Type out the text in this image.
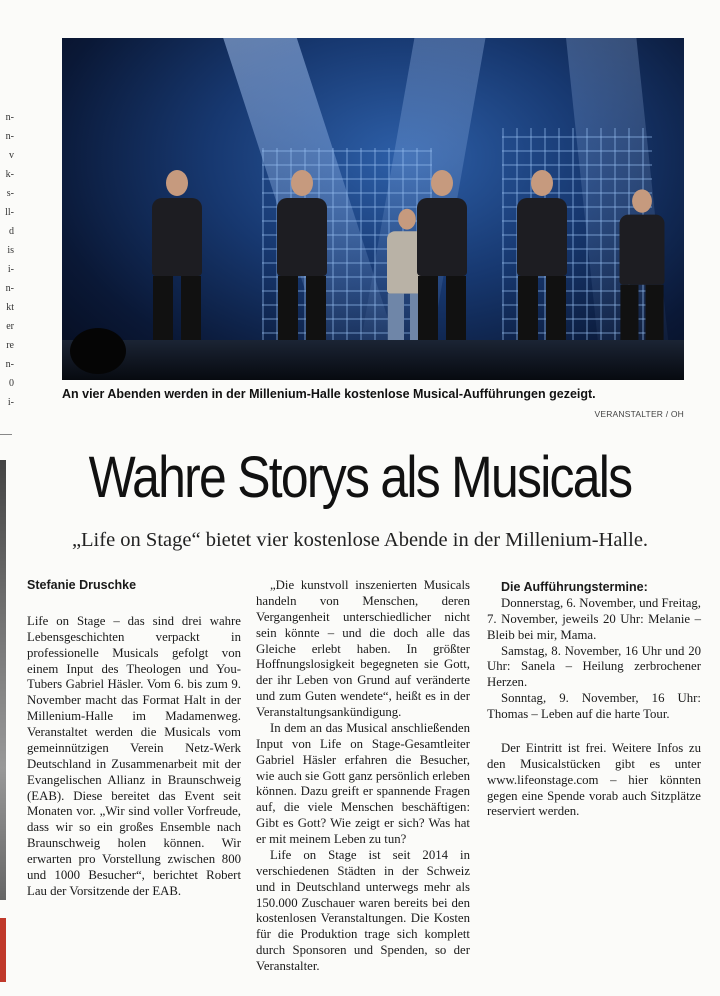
n-
n-
v
k-
s-
ll-
d
is
i-
n-
kt
er
re
n-
0
i-
An vier Abenden werden in der Millenium-Halle kostenlose Musical-Aufführungen gezeigt.
VERANSTALTER / OH
Wahre Storys als Musicals
„Life on Stage“ bietet vier kostenlose Abende in der Millenium-Halle.

Stefanie Druschke

Life on Stage – das sind drei wahre Lebensgeschichten verpackt in professionelle Musicals gefolgt von einem Input des Theologen und You-Tubers Gabriel Häsler. Vom 6. bis zum 9. November macht das Format Halt in der Millenium-Halle im Madamenweg. Veranstaltet werden die Musicals vom gemeinnützigen Verein Netz-Werk Deutschland in Zusammenarbeit mit der Evangelischen Allianz in Braunschweig (EAB). Diese bereitet das Event seit Monaten vor. „Wir sind voller Vorfreude, dass wir so ein großes Ensemble nach Braunschweig holen können. Wir erwarten pro Vorstellung zwischen 800 und 1000 Besucher“, berichtet Robert Lau der Vorsitzende der EAB.

„Die kunstvoll inszenierten Musicals handeln von Menschen, deren Vergangenheit unterschiedlicher nicht sein könnte – und die doch alle das Gleiche erlebt haben. In größter Hoffnungslosigkeit begegneten sie Gott, der ihr Leben von Grund auf veränderte und zum Guten wendete“, heißt es in der Veranstaltungsankündigung.

In dem an das Musical anschließenden Input von Life on Stage-Gesamtleiter Gabriel Häsler erfahren die Besucher, wie auch sie Gott ganz persönlich erleben können. Dazu greift er spannende Fragen auf, die viele Menschen beschäftigen: Gibt es Gott? Wie zeigt er sich? Was hat er mit meinem Leben zu tun?

Life on Stage ist seit 2014 in verschiedenen Städten in der Schweiz und in Deutschland unterwegs mehr als 150.000 Zuschauer waren bereits bei den kostenlosen Veranstaltungen. Die Kosten für die Produktion trage sich komplett durch Sponsoren und Spenden, so der Veranstalter.

Die Aufführungstermine:

Donnerstag, 6. November, und Freitag, 7. November, jeweils 20 Uhr: Melanie – Bleib bei mir, Mama.

Samstag, 8. November, 16 Uhr und 20 Uhr: Sanela – Heilung zerbrochener Herzen.

Sonntag, 9. November, 16 Uhr: Thomas – Leben auf die harte Tour.

Der Eintritt ist frei. Weitere Infos zu den Musicalstücken gibt es unter www.lifeonstage.com – hier könnten gegen eine Spende vorab auch Sitzplätze reserviert werden.
